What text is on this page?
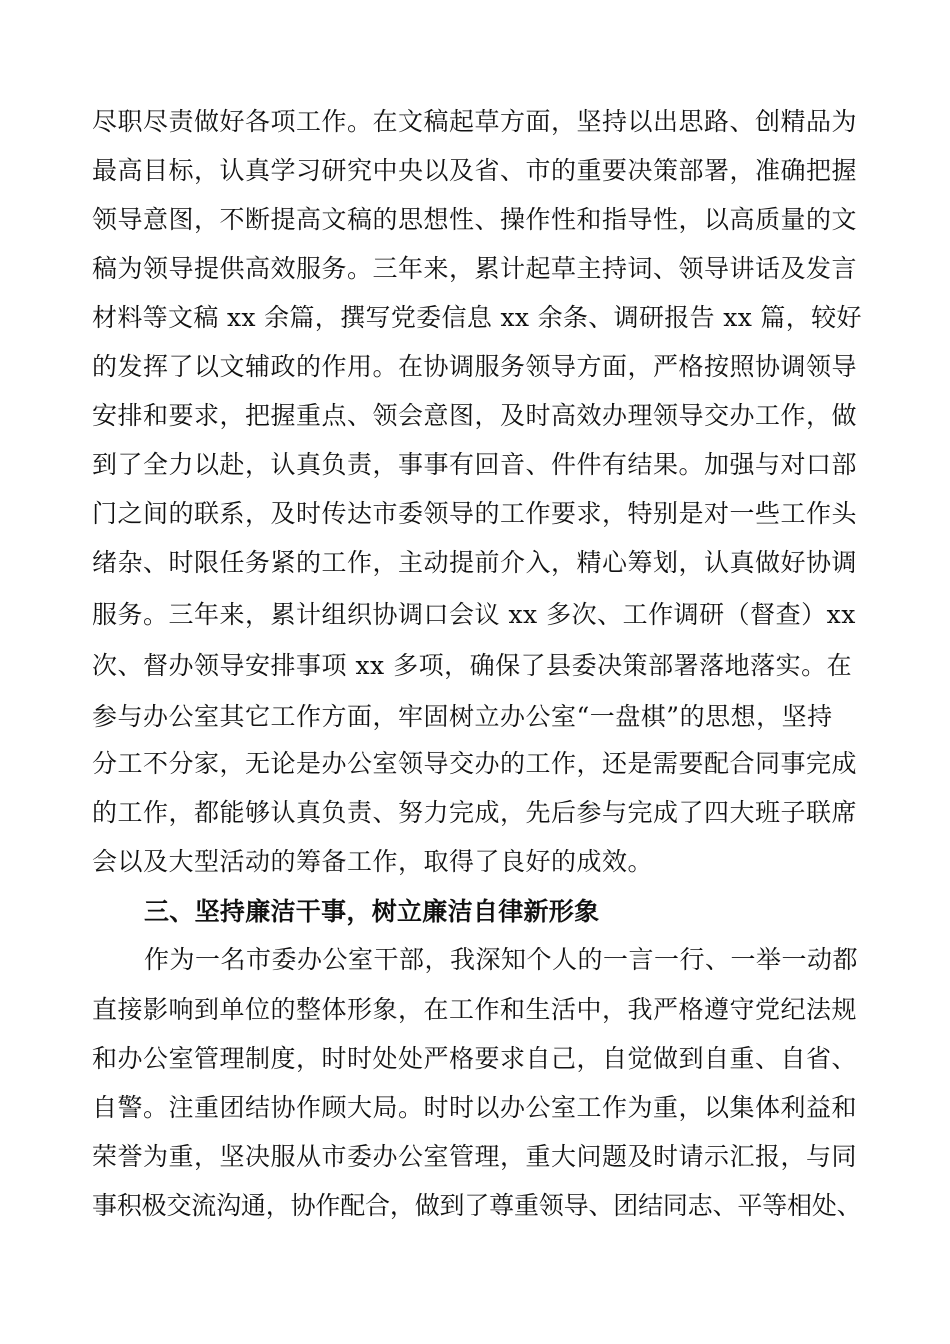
尽职尽责做好各项工作。在文稿起草方面，坚持以出思路、创精品为
最高目标，认真学习研究中央以及省、市的重要决策部署，准确把握
领导意图，不断提高文稿的思想性、操作性和指导性，以高质量的文
稿为领导提供高效服务。三年来，累计起草主持词、领导讲话及发言
材料等文稿 xx 余篇，撰写党委信息 xx 余条、调研报告 xx 篇，较好
的发挥了以文辅政的作用。在协调服务领导方面，严格按照协调领导
安排和要求，把握重点、领会意图，及时高效办理领导交办工作，做
到了全力以赴，认真负责，事事有回音、件件有结果。加强与对口部
门之间的联系，及时传达市委领导的工作要求，特别是对一些工作头
绪杂、时限任务紧的工作，主动提前介入，精心筹划，认真做好协调
服务。三年来，累计组织协调口会议 xx 多次、工作调研（督查）xx
次、督办领导安排事项 xx 多项，确保了县委决策部署落地落实。在
参与办公室其它工作方面，牢固树立办公室“一盘棋”的思想，坚持
分工不分家，无论是办公室领导交办的工作，还是需要配合同事完成
的工作，都能够认真负责、努力完成，先后参与完成了四大班子联席
会以及大型活动的筹备工作，取得了良好的成效。
三、坚持廉洁干事，树立廉洁自律新形象
作为一名市委办公室干部，我深知个人的一言一行、一举一动都
直接影响到单位的整体形象，在工作和生活中，我严格遵守党纪法规
和办公室管理制度，时时处处严格要求自己，自觉做到自重、自省、
自警。注重团结协作顾大局。时时以办公室工作为重，以集体利益和
荣誉为重，坚决服从市委办公室管理，重大问题及时请示汇报，与同
事积极交流沟通，协作配合，做到了尊重领导、团结同志、平等相处、
